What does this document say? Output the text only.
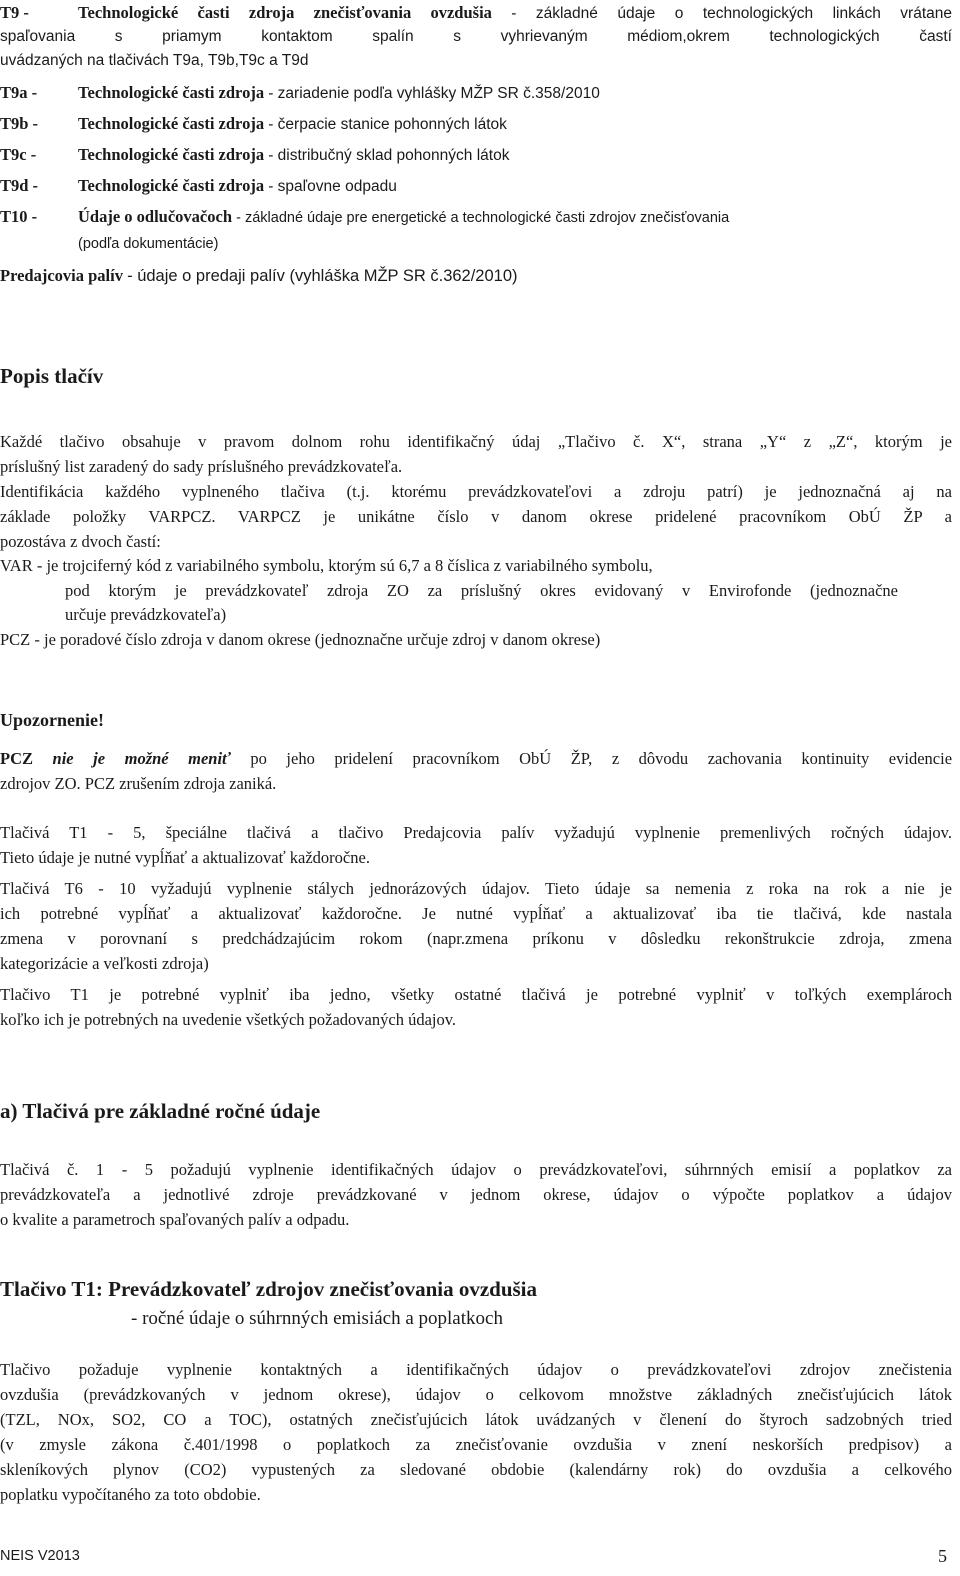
T9 -	Technologické časti zdroja znečisťovania ovzdušia - základné údaje o technologických linkách vrátane
spaľovania s priamym kontaktom spalín s vyhrievaným médiom,okrem technologických častí
uvádzaných na tlačivách T9a, T9b,T9c a T9d
T9a - Technologické časti zdroja - zariadenie podľa vyhlášky MŽP SR č.358/2010
T9b - Technologické časti zdroja - čerpacie stanice pohonných látok
T9c -	Technologické časti zdroja - distribučný sklad pohonných látok
T9d - Technologické časti zdroja - spaľovne odpadu
T10 - Údaje o odlučovačoch - základné údaje pre energetické a technologické časti zdrojov znečisťovania
(podľa dokumentácie)
Predajcovia palív - údaje o predaji palív (vyhláška MŽP SR č.362/2010)
Popis tlačív
Každé tlačivo obsahuje v pravom dolnom rohu identifikačný údaj „Tlačivo č. X“, strana „Y“ z „Z“, ktorým je
príslušný list zaradený do sady príslušného prevádzkovateľa.
Identifikácia každého vyplneného tlačiva (t.j. ktorému prevádzkovateľovi a zdroju patrí) je jednoznačná aj na
základe položky VARPCZ. VARPCZ je unikátne číslo v danom okrese pridelené pracovníkom ObÚ ŽP a
pozostáva z dvoch častí:
VAR - je trojciferný kód z variabilného symbolu, ktorým sú 6,7 a 8 číslica z variabilného symbolu,
pod ktorým je prevádzkovateľ zdroja ZO za príslušný okres evidovaný v Envirofonde (jednoznačne
určuje prevádzkovateľa)
PCZ - je poradové číslo zdroja v danom okrese (jednoznačne určuje zdroj v danom okrese)
Upozornenie!
PCZ nie je možné meniť po jeho pridelení pracovníkom ObÚ ŽP, z dôvodu zachovania kontinuity evidencie
zdrojov ZO. PCZ zrušením zdroja zaniká.
Tlačivá T1 - 5, špeciálne tlačivá a tlačivo Predajcovia palív vyžadujú vyplnenie premenlivých ročných údajov.
Tieto údaje je nutné vypĺňať a aktualizovať každoročne.
Tlačivá T6 - 10 vyžadujú vyplnenie stálych jednorázových údajov. Tieto údaje sa nemenia z roka na rok a nie je
ich potrebné vypĺňať a aktualizovať každoročne. Je nutné vypĺňať a aktualizovať iba tie tlačivá, kde nastala
zmena v porovnaní s predchádzajúcim rokom (napr.zmena príkonu v dôsledku rekonštrukcie zdroja, zmena
kategorizácie a veľkosti zdroja)
Tlačivo T1 je potrebné vyplniť iba jedno, všetky ostatné tlačivá je potrebné vyplniť v toľkých exemplároch
koľko ich je potrebných na uvedenie všetkých požadovaných údajov.
a) Tlačivá pre základné ročné údaje
Tlačivá č. 1 - 5 požadujú vyplnenie identifikačných údajov o prevádzkovateľovi, súhrnných emisií a poplatkov za
prevádzkovateľa a jednotlivé zdroje prevádzkované v jednom okrese, údajov o výpočte poplatkov a údajov
o kvalite a parametroch spaľovaných palív a odpadu.
Tlačivo T1: Prevádzkovateľ zdrojov znečisťovania ovzdušia
- ročné údaje o súhrnných emisiách a poplatkoch
Tlačivo požaduje vyplnenie kontaktných a identifikačných údajov o prevádzkovateľovi zdrojov znečistenia
ovzdušia (prevádzkovaných v jednom okrese), údajov o celkovom množstve základných znečisťujúcich látok
(TZL, NOx, SO2, CO a TOC), ostatných znečisťujúcich látok uvádzaných v členení do štyroch sadzobných tried
(v zmysle zákona č.401/1998 o poplatkoch za znečisťovanie ovzdušia v znení neskorších predpisov) a
skleníkových plynov (CO2) vypustených za sledované obdobie (kalendárny rok) do ovzdušia a celkového
poplatku vypočítaného za toto obdobie.
NEIS V2013	5
